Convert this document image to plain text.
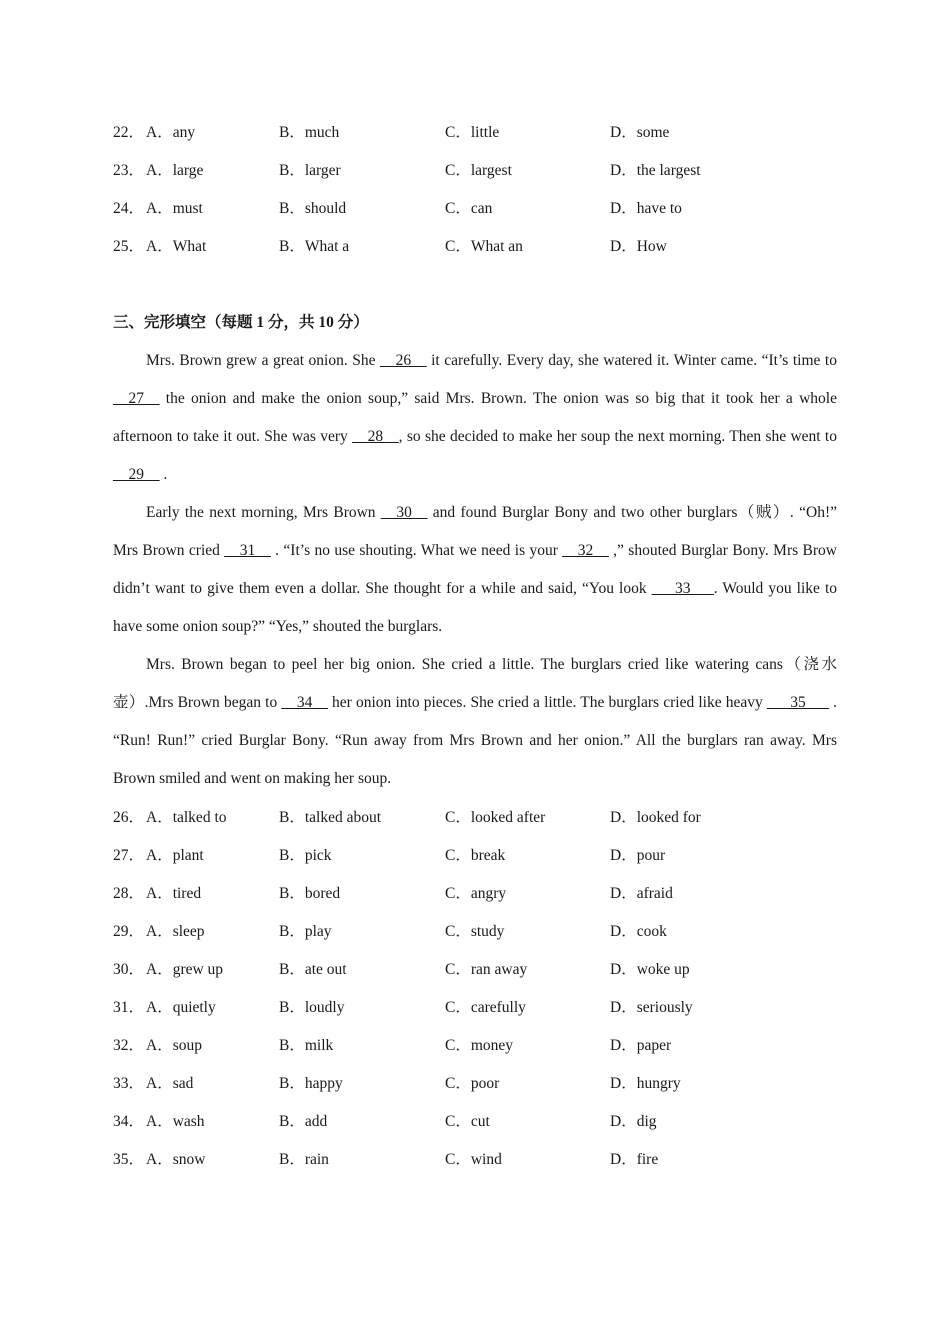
22． A．any	B．much	C．little	D．some
23． A．large	B．larger	C．largest	D．the largest
24． A．must	B．should	C．can	D．have to
25． A．What	B．What a	C．What an	D．How
三、完形填空（每题 1 分，共 10 分）

Mrs. Brown grew a great onion. She __26__ it carefully. Every day, she watered it. Winter came. “It’s time to __27__ the onion and make the onion soup,” said Mrs. Brown. The onion was so big that it took her a whole afternoon to take it out. She was very __28__, so she decided to make her soup the next morning. Then she went to __29__ .

Early the next morning, Mrs Brown __30__ and found Burglar Bony and two other burglars（贼）. “Oh!” Mrs Brown cried __31__ . “It’s no use shouting. What we need is your __32__ ,” shouted Burglar Bony. Mrs Brow didn’t want to give them even a dollar. She thought for a while and said, “You look ___33___. Would you like to have some onion soup?” “Yes,” shouted the burglars.

Mrs. Brown began to peel her big onion. She cried a little. The burglars cried like watering cans（浇水壶）.Mrs Brown began to __34__ her onion into pieces. She cried a little. The burglars cried like heavy ___35___ . “Run! Run!” cried Burglar Bony. “Run away from Mrs Brown and her onion.” All the burglars ran away. Mrs Brown smiled and went on making her soup.

26． A．talked to	B．talked about	C．looked after	D．looked for
27． A．plant	B．pick	C．break	D．pour
28． A．tired	B．bored	C．angry	D．afraid
29． A．sleep	B．play	C．study	D．cook
30． A．grew up	B．ate out	C．ran away	D．woke up
31． A．quietly	B．loudly	C．carefully	D．seriously
32． A．soup	B．milk	C．money	D．paper
33． A．sad	B．happy	C．poor	D．hungry
34． A．wash	B．add	C．cut	D．dig
35． A．snow	B．rain	C．wind	D．fire
